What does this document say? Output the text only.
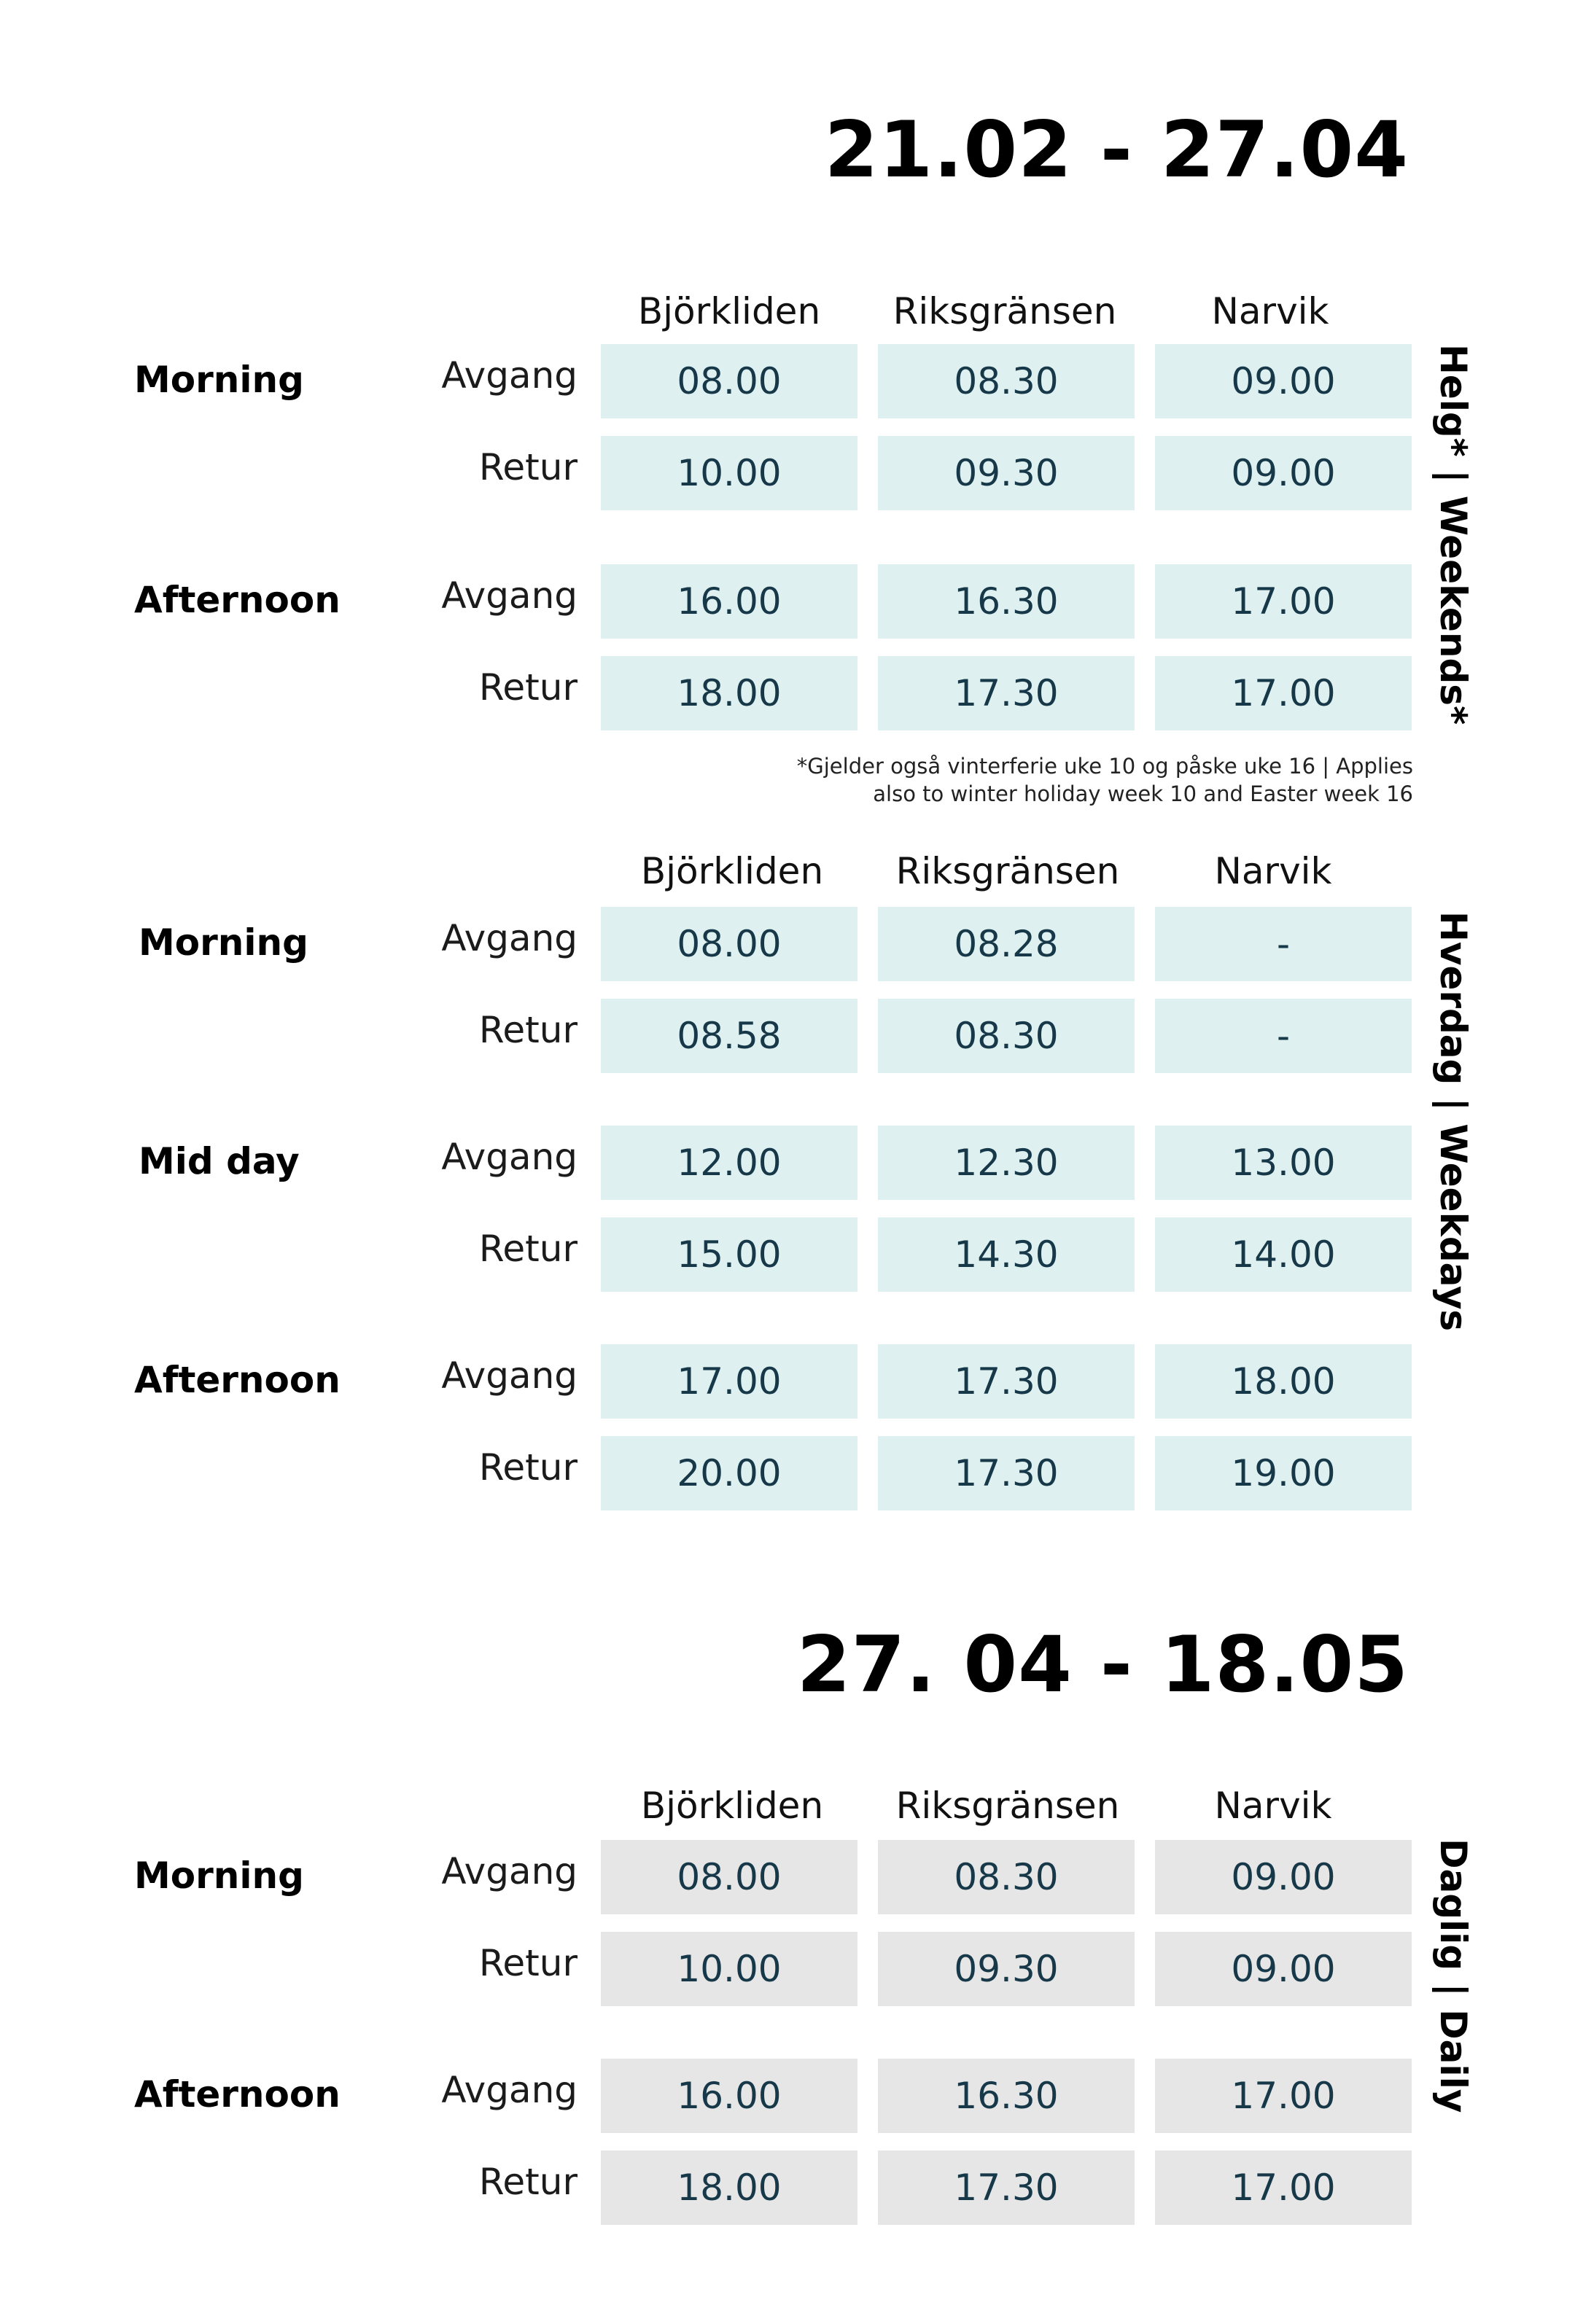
21.02 - 27.04
Björkliden	Riksgränsen	Narvik
Morning	Avgang	08.00	08.30	09.00
Retur	10.00	09.30	09.00
Afternoon	Avgang	16.00	16.30	17.00
Retur	18.00	17.30	17.00	Helg* | Weekends*
*Gjelder også vinterferie uke 10 og påske uke 16 | Applies also to winter holiday week 10 and Easter week 16
Björkliden	Riksgränsen	Narvik
Morning	Avgang	08.00	08.28	-
Retur	08.58	08.30	-
Mid day	Avgang	12.00	12.30	13.00
Retur	15.00	14.30	14.00
Afternoon	Avgang	17.00	17.30	18.00
Retur	20.00	17.30	19.00
Hverdag | Weekdays
27. 04 - 18.05
Björkliden	Riksgränsen	Narvik
Morning	Avgang	08.00	08.30	09.00
Retur	10.00	09.30	09.00
Afternoon	Avgang	16.00	16.30	17.00
Retur	18.00	17.30	17.00
Daglig | Daily
